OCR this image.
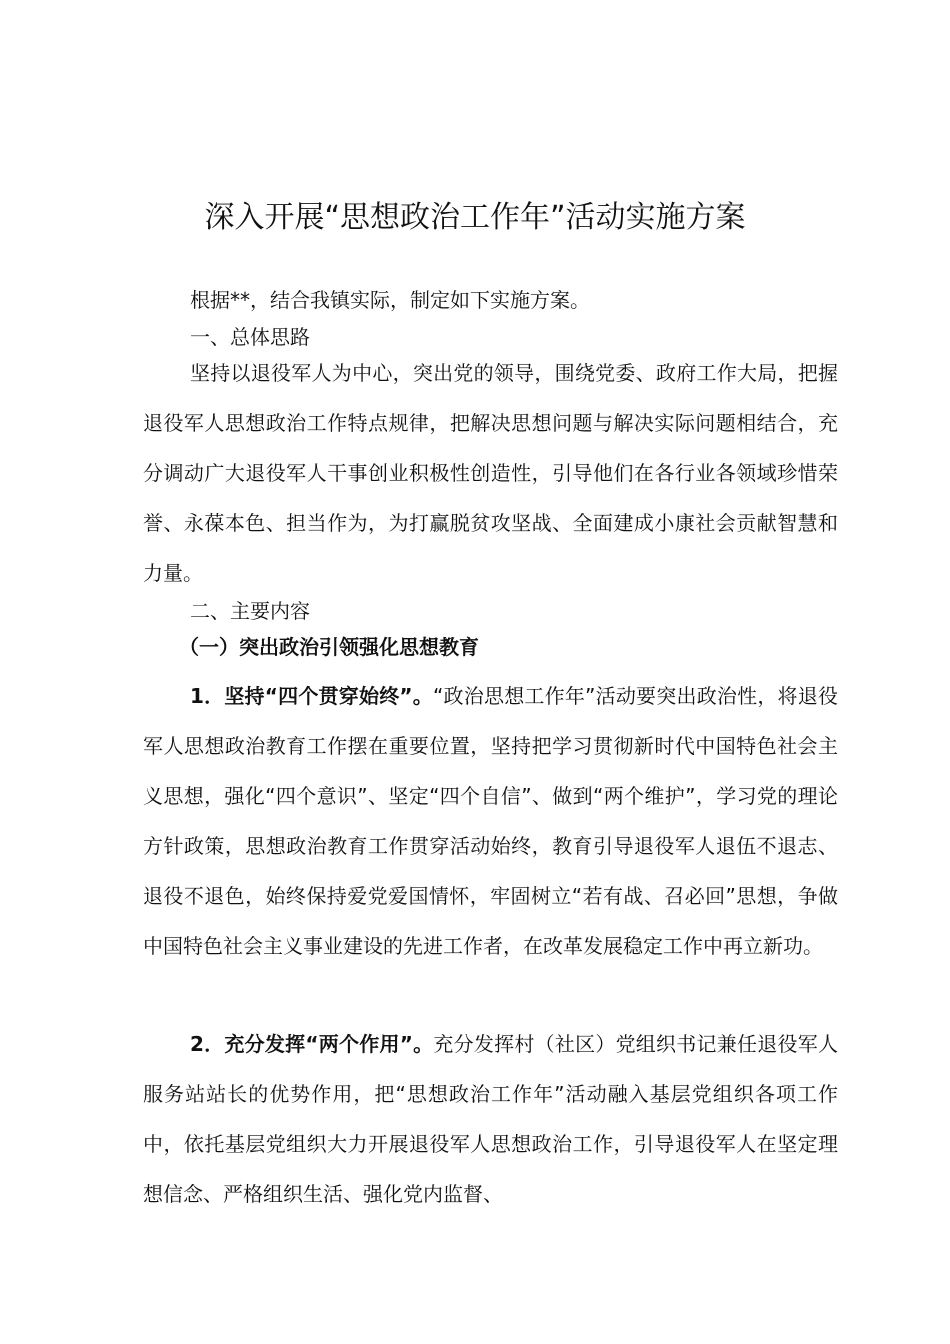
深入开展“思想政治工作年”活动实施方案

根据**，结合我镇实际，制定如下实施方案。

一、总体思路

坚持以退役军人为中心，突出党的领导，围绕党委、政府工作大局，把握退役军人思想政治工作特点规律，把解决思想问题与解决实际问题相结合，充分调动广大退役军人干事创业积极性创造性，引导他们在各行业各领域珍惜荣誉、永葆本色、担当作为，为打赢脱贫攻坚战、全面建成小康社会贡献智慧和力量。

二、主要内容

（一）突出政治引领强化思想教育

1．坚持“四个贯穿始终”。“政治思想工作年”活动要突出政治性，将退役军人思想政治教育工作摆在重要位置，坚持把学习贯彻新时代中国特色社会主义思想，强化“四个意识”、坚定“四个自信”、做到“两个维护”，学习党的理论方针政策，思想政治教育工作贯穿活动始终，教育引导退役军人退伍不退志、退役不退色，始终保持爱党爱国情怀，牢固树立“若有战、召必回”思想，争做中国特色社会主义事业建设的先进工作者，在改革发展稳定工作中再立新功。

2．充分发挥“两个作用”。充分发挥村（社区）党组织书记兼任退役军人服务站站长的优势作用，把“思想政治工作年”活动融入基层党组织各项工作中，依托基层党组织大力开展退役军人思想政治工作，引导退役军人在坚定理想信念、严格组织生活、强化党内监督、
